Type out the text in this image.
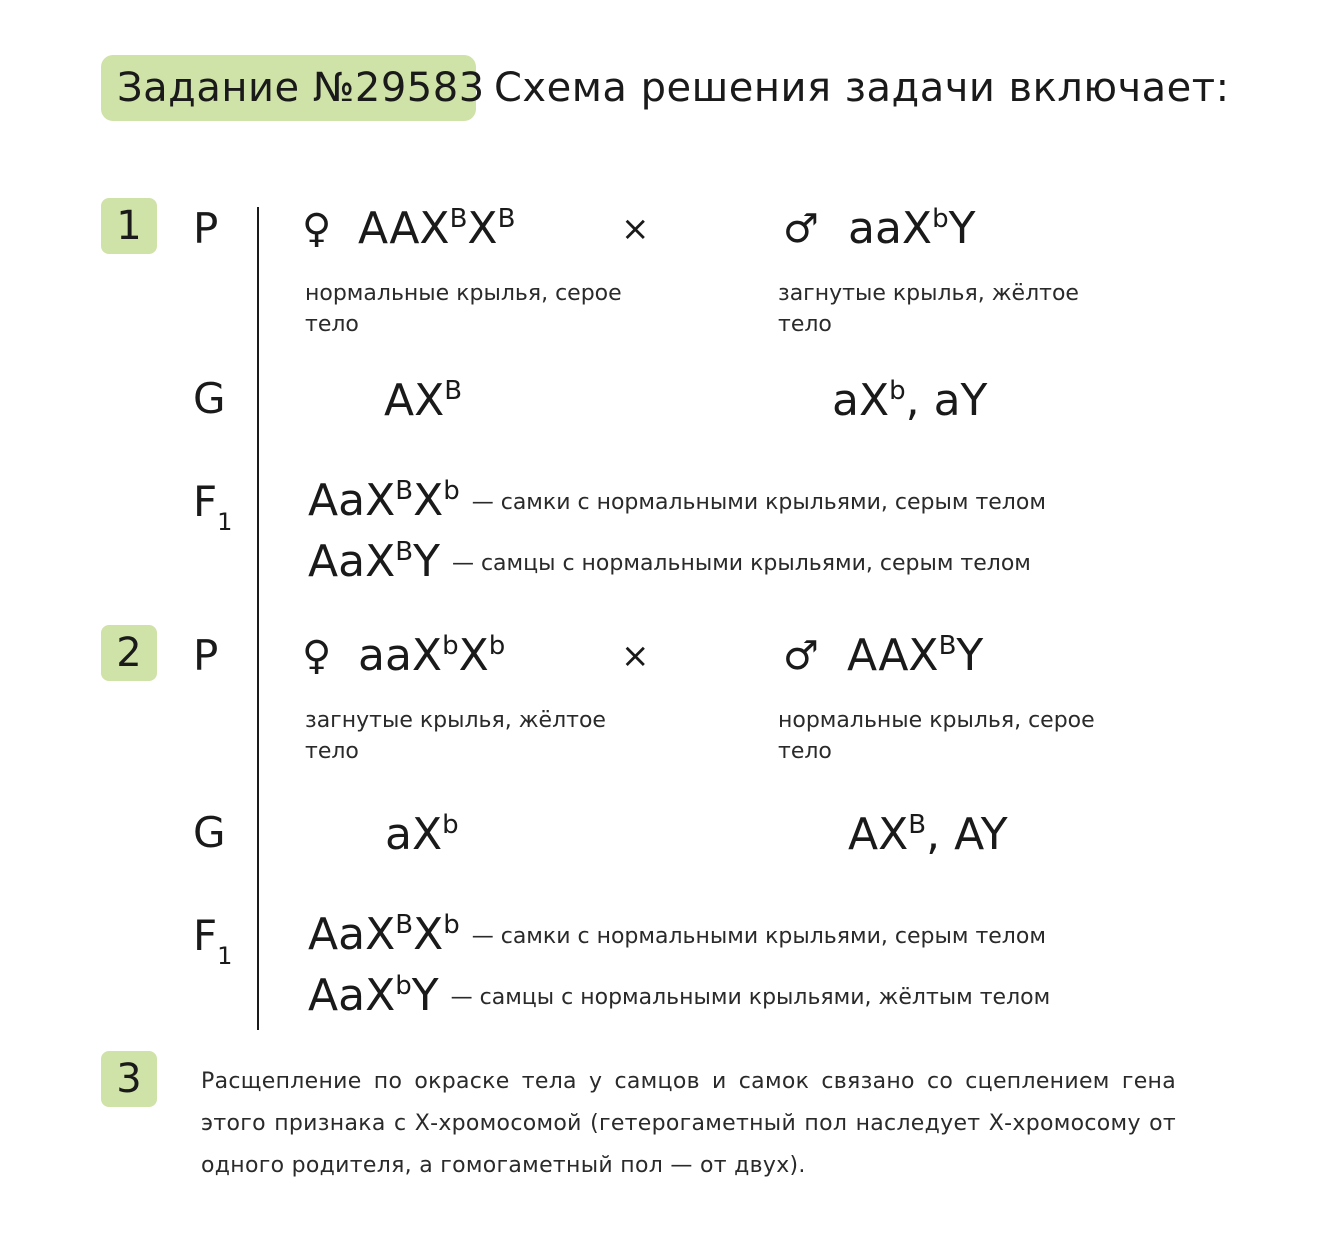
Задание №29583 Схема решения задачи включает:
1	P ♀ $AAX^BX^B$	×	♂ aaX$^b$Y
нормальные крылья, серое тело
загнутые крылья, жёлтое тело
G	$AX^B$	$aX^b$, aY
$F_1$ $AaX^BX^b$ — самки с нормальными крыльями, серым телом
AaX$^B$Y — самцы с нормальными крыльями, серым телом
2	P ♀ $aaX^bX^b$	×	♂ $AAX^BY$
загнутые крылья, жёлтое тело
нормальные крылья, серое тело
G	$aX^b$	$AX^B$, AY
$F_1$ $AaX^BX^b$ — самки с нормальными крыльями, серым телом
AaX$^b$Y — самцы с нормальными крыльями, жёлтым телом
3	Расщепление по окраске тела у самцов и самок связано со сцеплением гена этого признака с Х-хромосомой (гетерогаметный пол наследует Х-хромосому от одного родителя, а гомогаметный пол — от двух).
